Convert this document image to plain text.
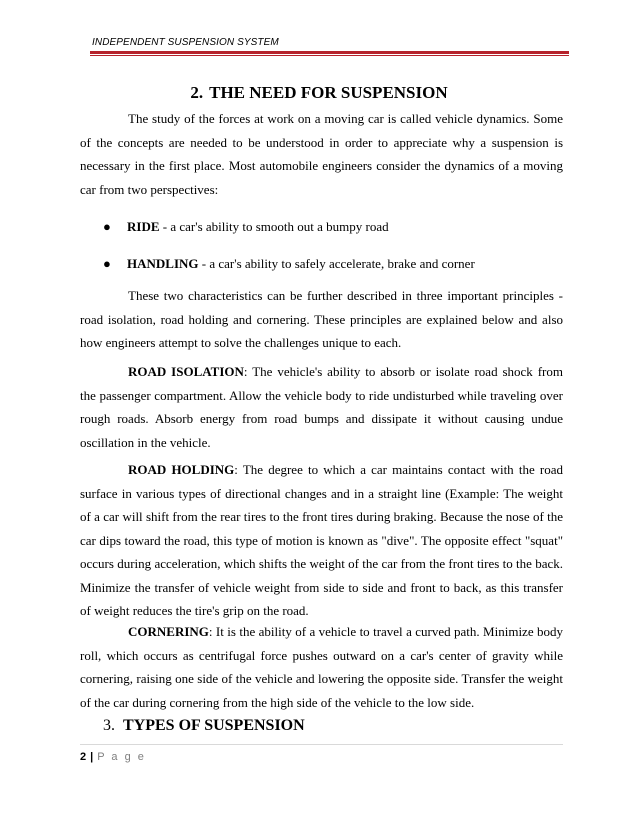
INDEPENDENT SUSPENSION SYSTEM
2. THE NEED FOR SUSPENSION

The study of the forces at work on a moving car is called vehicle dynamics. Some of the concepts are needed to be understood in order to appreciate why a suspension is necessary in the first place. Most automobile engineers consider the dynamics of a moving car from two perspectives:

● RIDE - a car's ability to smooth out a bumpy road
● HANDLING - a car's ability to safely accelerate, brake and corner

These two characteristics can be further described in three important principles - road isolation, road holding and cornering. These principles are explained below and also how engineers attempt to solve the challenges unique to each.

ROAD ISOLATION: The vehicle's ability to absorb or isolate road shock from the passenger compartment. Allow the vehicle body to ride undisturbed while traveling over rough roads. Absorb energy from road bumps and dissipate it without causing undue oscillation in the vehicle.

ROAD HOLDING: The degree to which a car maintains contact with the road surface in various types of directional changes and in a straight line (Example: The weight of a car will shift from the rear tires to the front tires during braking. Because the nose of the car dips toward the road, this type of motion is known as "dive". The opposite effect "squat" occurs during acceleration, which shifts the weight of the car from the front tires to the back. Minimize the transfer of vehicle weight from side to side and front to back, as this transfer of weight reduces the tire's grip on the road.

CORNERING: It is the ability of a vehicle to travel a curved path. Minimize body roll, which occurs as centrifugal force pushes outward on a car's center of gravity while cornering, raising one side of the vehicle and lowering the opposite side. Transfer the weight of the car during cornering from the high side of the vehicle to the low side.

3. TYPES OF SUSPENSION
2 | P a g e
